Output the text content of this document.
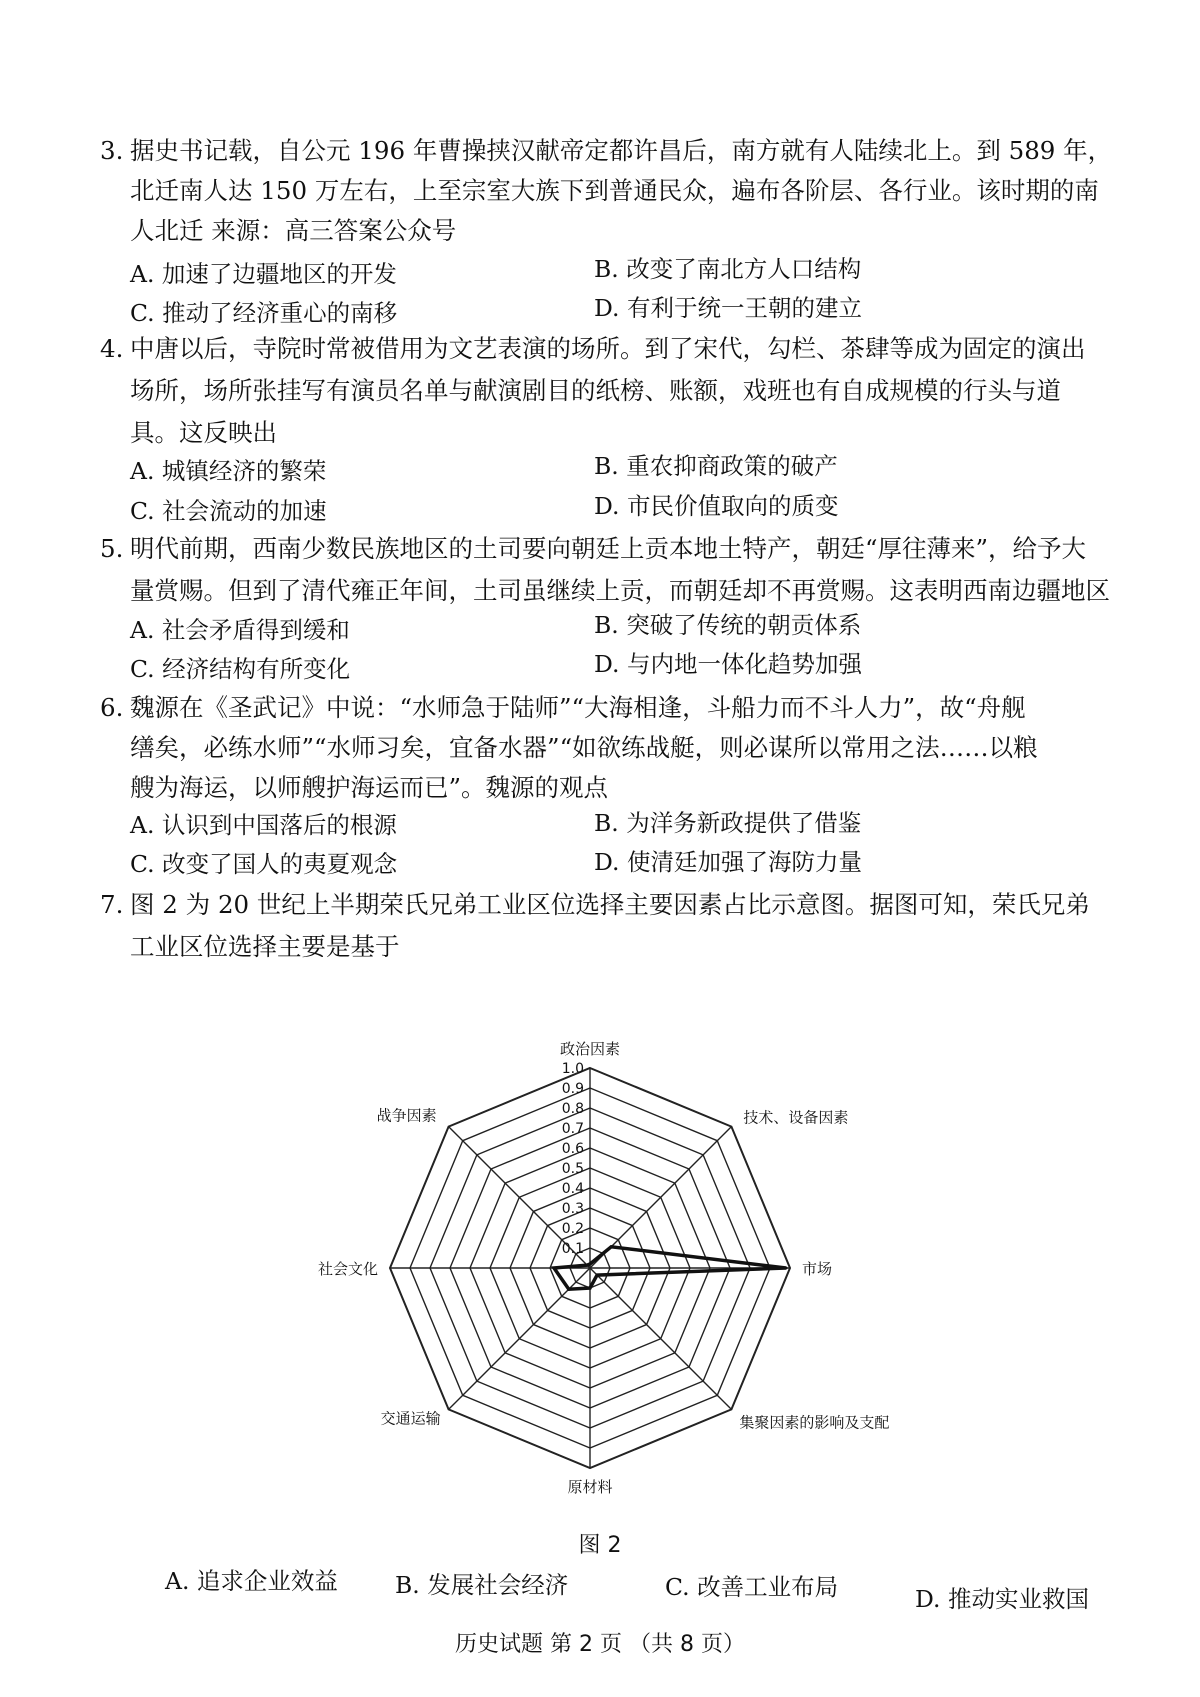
3. 据史书记载，自公元 196 年曹操挟汉献帝定都许昌后，南方就有人陆续北上。到 589 年，
北迁南人达 150 万左右，上至宗室大族下到普通民众，遍布各阶层、各行业。该时期的南
人北迁 来源：高三答案公众号
A. 加速了边疆地区的开发	B. 改变了南北方人口结构
C. 推动了经济重心的南移	D. 有利于统一王朝的建立
4. 中唐以后，寺院时常被借用为文艺表演的场所。到了宋代，勾栏、茶肆等成为固定的演出
场所，场所张挂写有演员名单与献演剧目的纸榜、账额，戏班也有自成规模的行头与道
具。这反映出
A. 城镇经济的繁荣	B. 重农抑商政策的破产
C. 社会流动的加速	D. 市民价值取向的质变
5. 明代前期，西南少数民族地区的土司要向朝廷上贡本地土特产，朝廷“厚往薄来”，给予大
量赏赐。但到了清代雍正年间，土司虽继续上贡，而朝廷却不再赏赐。这表明西南边疆地区
A. 社会矛盾得到缓和	B. 突破了传统的朝贡体系
C. 经济结构有所变化	D. 与内地一体化趋势加强
6. 魏源在《圣武记》中说：“水师急于陆师”“大海相逢，斗船力而不斗人力”，故“舟舰
缮矣，必练水师”“水师习矣，宜备水器”“如欲练战艇，则必谋所以常用之法……以粮
艘为海运，以师艘护海运而已”。魏源的观点
A. 认识到中国落后的根源	B. 为洋务新政提供了借鉴
C. 改变了国人的夷夏观念	D. 使清廷加强了海防力量
7. 图 2 为 20 世纪上半期荣氏兄弟工业区位选择主要因素占比示意图。据图可知，荣氏兄弟
工业区位选择主要是基于
0.1
0.2
0.3
0.4
0.5
0.6
0.7
0.8
0.9
1.0
政治因素
技术、设备因素
市场
集聚因素的影响及支配
原材料
交通运输
社会文化
战争因素
图 2
A. 追求企业效益 B. 发展社会经济	C. 改善工业布局	D. 推动实业救国
历史试题 第 2 页 （共 8 页）
